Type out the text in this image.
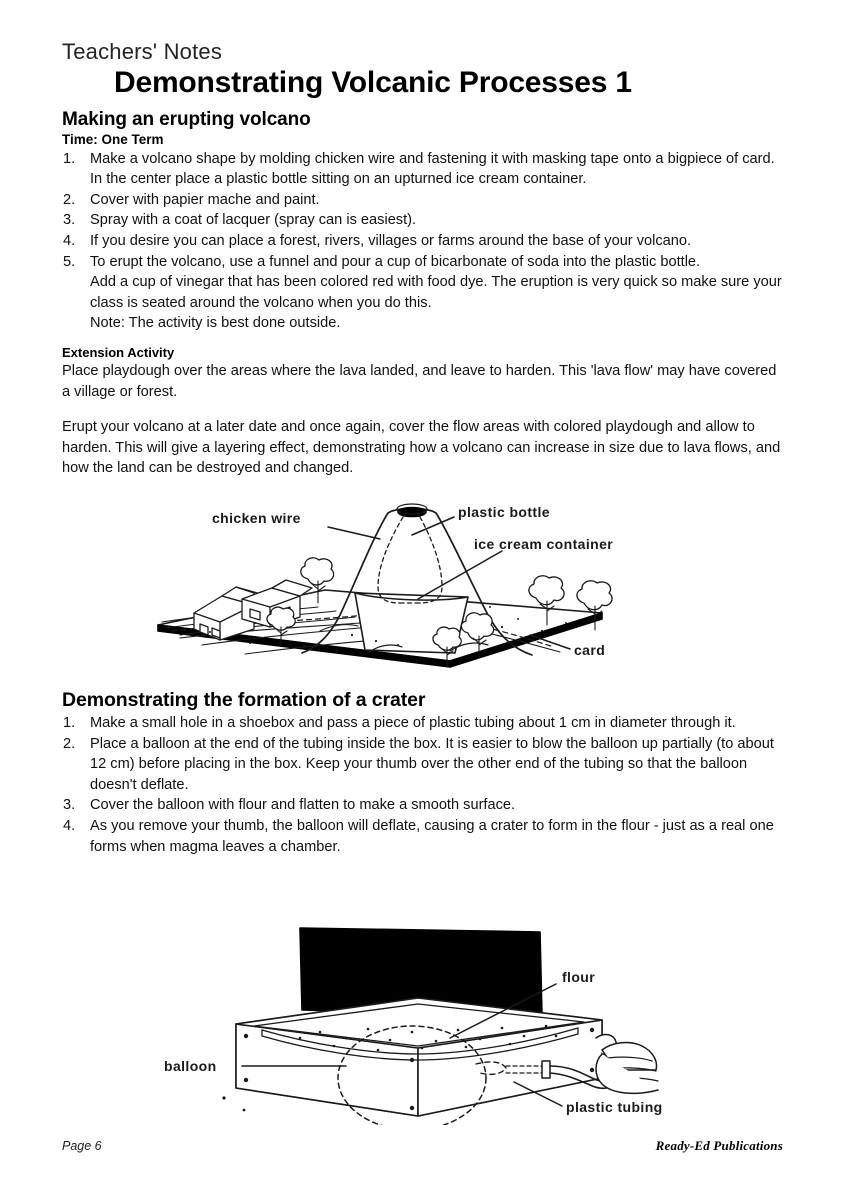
Teachers' Notes
Demonstrating Volcanic Processes 1
Making an erupting volcano
Time: One Term
1.	Make a volcano shape by molding chicken wire and fastening it with masking tape onto a bigpiece of card. In the center place a plastic bottle sitting on an upturned ice cream container.
2.	Cover with papier mache and paint.
3.	Spray with a coat of lacquer (spray can is easiest).
4.	If you desire you can place a forest, rivers, villages or farms around the base of your volcano.
5.	To erupt the volcano, use a funnel and pour a cup of bicarbonate of soda into the plastic bottle.
Add a cup of vinegar that has been colored red with food dye. The eruption is very quick so make sure your class is seated around the volcano when you do this.
Note: The activity is best done outside.
Extension Activity

Place playdough over the areas where the lava landed, and leave to harden. This 'lava flow' may have covered a village or forest.

Erupt your volcano at a later date and once again, cover the flow areas with colored playdough and allow to harden. This will give a layering effect, demonstrating how a volcano can increase in size due to lava flows, and how the land can be destroyed and changed.

Demonstrating the formation of a crater
1.	Make a small hole in a shoebox and pass a piece of plastic tubing about 1 cm in diameter through it.
2.	Place a balloon at the end of the tubing inside the box. It is easier to blow the balloon up partially (to about 12 cm) before placing in the box. Keep your thumb over the other end of the tubing so that the balloon doesn't deflate.
3.	Cover the balloon with flour and flatten to make a smooth surface.
4.	As you remove your thumb, the balloon will deflate, causing a crater to form in the flour - just as a real one forms when magma leaves a chamber.
chicken wire	plastic bottle
ice cream container
card
flour
balloon
plastic tubing
Page 6	Ready-Ed Publications
